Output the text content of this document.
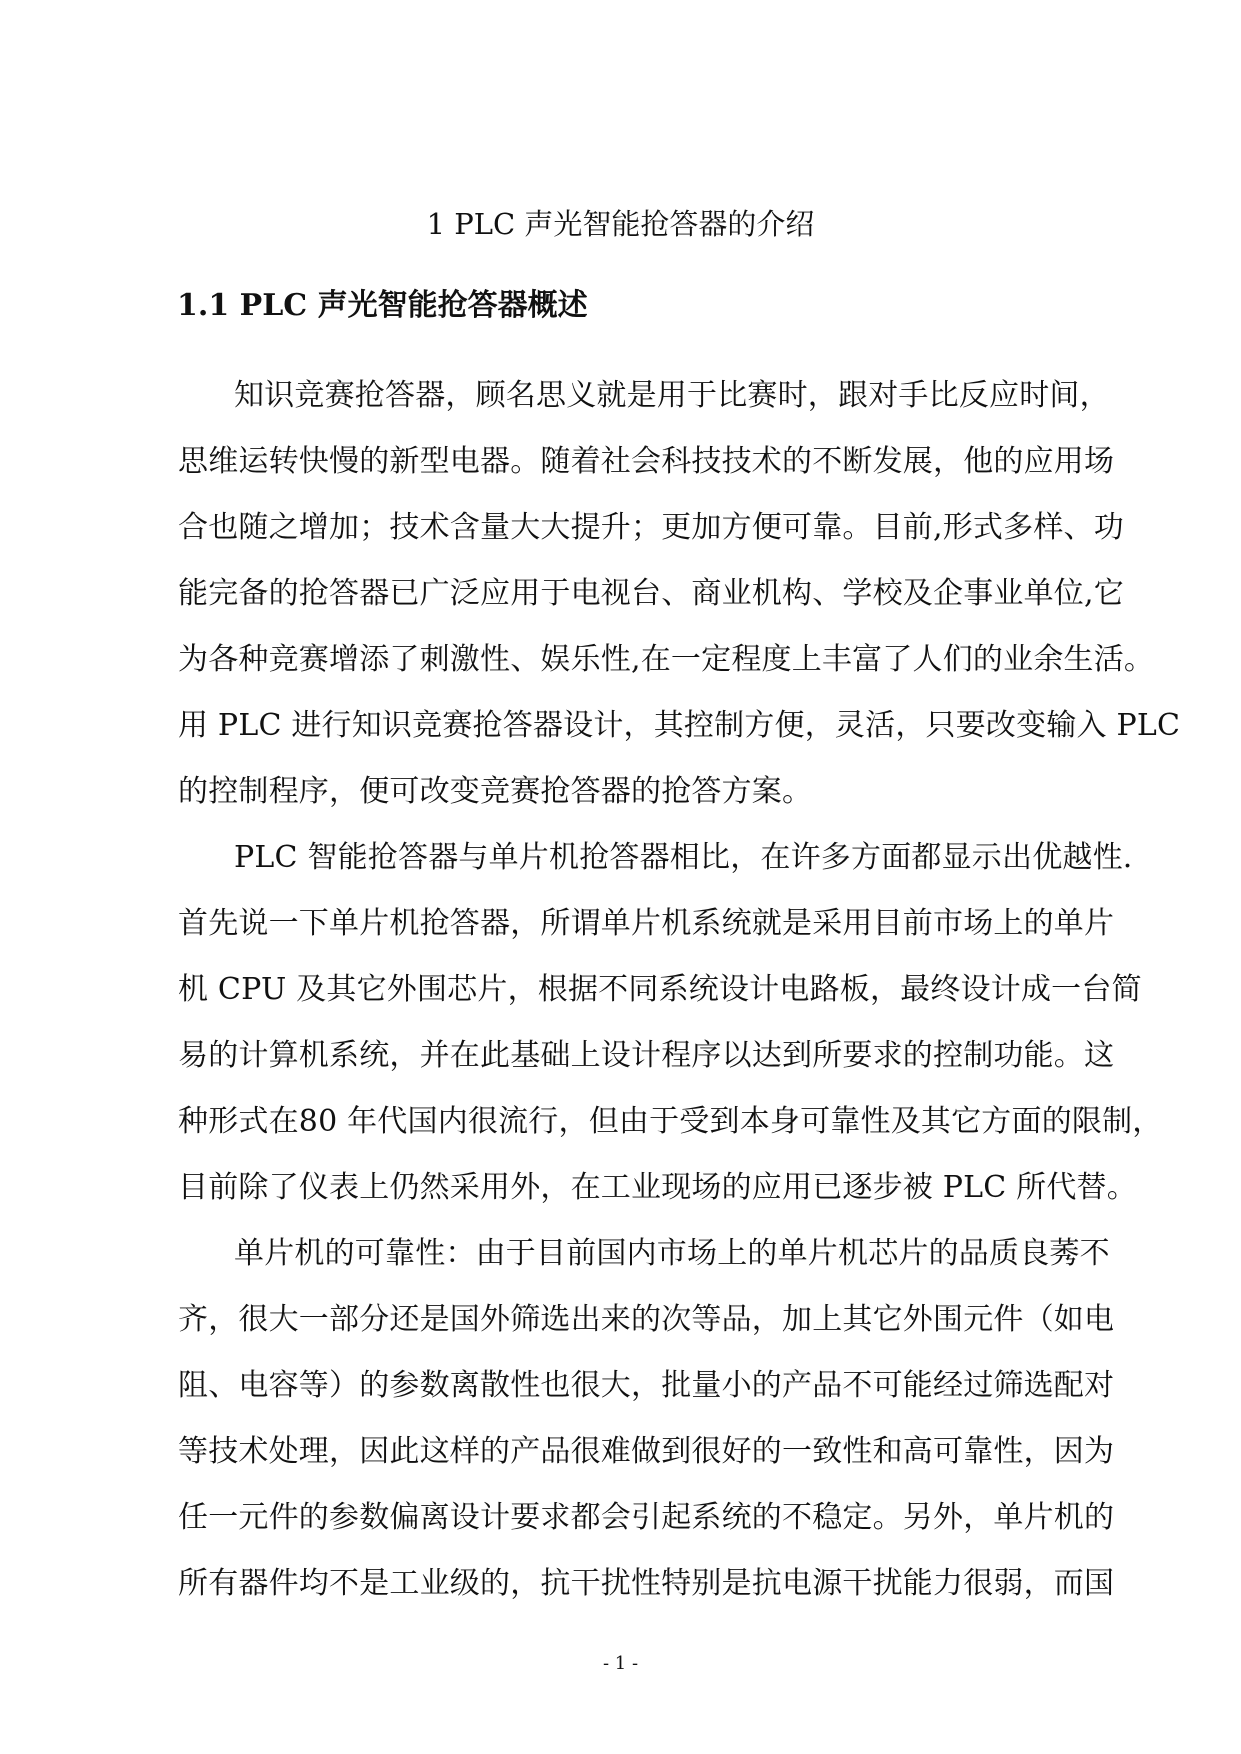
1 PLC 声光智能抢答器的介绍
1.1 PLC 声光智能抢答器概述
知识竞赛抢答器，顾名思义就是用于比赛时，跟对手比反应时间，
思维运转快慢的新型电器。随着社会科技技术的不断发展，他的应用场
合也随之增加；技术含量大大提升；更加方便可靠。目前,形式多样、功
能完备的抢答器已广泛应用于电视台、商业机构、学校及企事业单位,它
为各种竞赛增添了刺激性、娱乐性,在一定程度上丰富了人们的业余生活。
用 PLC 进行知识竞赛抢答器设计，其控制方便，灵活，只要改变输入 PLC
的控制程序，便可改变竞赛抢答器的抢答方案。
PLC 智能抢答器与单片机抢答器相比，在许多方面都显示出优越性.
首先说一下单片机抢答器，所谓单片机系统就是采用目前市场上的单片
机 CPU 及其它外围芯片，根据不同系统设计电路板，最终设计成一台简
易的计算机系统，并在此基础上设计程序以达到所要求的控制功能。这
种形式在80 年代国内很流行，但由于受到本身可靠性及其它方面的限制，
目前除了仪表上仍然采用外，在工业现场的应用已逐步被 PLC 所代替。
单片机的可靠性：由于目前国内市场上的单片机芯片的品质良莠不
齐，很大一部分还是国外筛选出来的次等品，加上其它外围元件（如电
阻、电容等）的参数离散性也很大，批量小的产品不可能经过筛选配对
等技术处理，因此这样的产品很难做到很好的一致性和高可靠性，因为
任一元件的参数偏离设计要求都会引起系统的不稳定。另外，单片机的
所有器件均不是工业级的，抗干扰性特别是抗电源干扰能力很弱，而国
- 1 -
